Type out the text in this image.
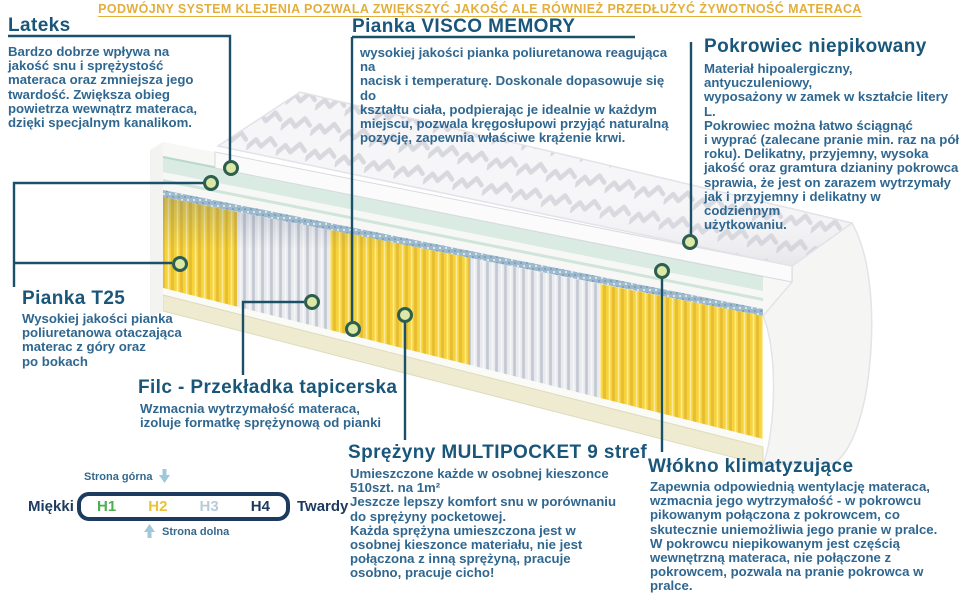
PODWÓJNY SYSTEM KLEJENIA POZWALA ZWIĘKSZYĆ JAKOŚĆ ALE RÓWNIEŻ PRZEDŁUŻYĆ ŻYWOTNOŚĆ MATERACA
Lateks
Bardzo dobrze wpływa na
jakość snu i sprężystość
materaca oraz zmniejsza jego
twardość. Zwiększa obieg
powietrza wewnątrz materaca,
dzięki specjalnym kanalikom.
Pianka VISCO MEMORY
wysokiej jakości pianka poliuretanowa reagująca na
nacisk i temperaturę. Doskonale dopasowuje się do
kształtu ciała, podpierając je idealnie w każdym
miejscu, pozwala kręgosłupowi przyjąć naturalną
pozycję, zapewnia właściwe krążenie krwi.
Pokrowiec niepikowany
Materiał hipoalergiczny, antyuczuleniowy,
wyposażony w zamek w kształcie litery L.
Pokrowiec można łatwo ściągnąć
i wyprać (zalecane pranie min. raz na pół
roku). Delikatny, przyjemny, wysoka
jakość oraz gramtura dzianiny pokrowca
sprawia, że jest on zarazem wytrzymały
jak i przyjemny i delikatny w codziennym
użytkowaniu.
Pianka T25
Wysokiej jakości pianka
poliuretanowa otaczająca
materac z góry oraz
po bokach
Filc - Przekładka tapicerska
Wzmacnia wytrzymałość materaca,
izoluje formatkę sprężynową od pianki
Sprężyny MULTIPOCKET 9 stref
Umieszczone każde w osobnej kieszonce
510szt. na 1m²
Jeszcze lepszy komfort snu w porównaniu
do sprężyny pocketowej.
Każda sprężyna umieszczona jest w
osobnej kieszonce materiału, nie jest
połączona z inną sprężyną, pracuje
osobno, pracuje cicho!
Włókno klimatyzujące
Zapewnia odpowiednią wentylację materaca,
wzmacnia jego wytrzymałość - w pokrowcu
pikowanym połączona z pokrowcem, co
skutecznie uniemożliwia jego pranie w pralce.
W pokrowcu niepikowanym jest częścią
wewnętrzną materaca, nie połączone z
pokrowcem, pozwala na pranie pokrowca w pralce.
Strona górna
Miękki H1 H2 H3 H4 Twardy
Strona dolna
